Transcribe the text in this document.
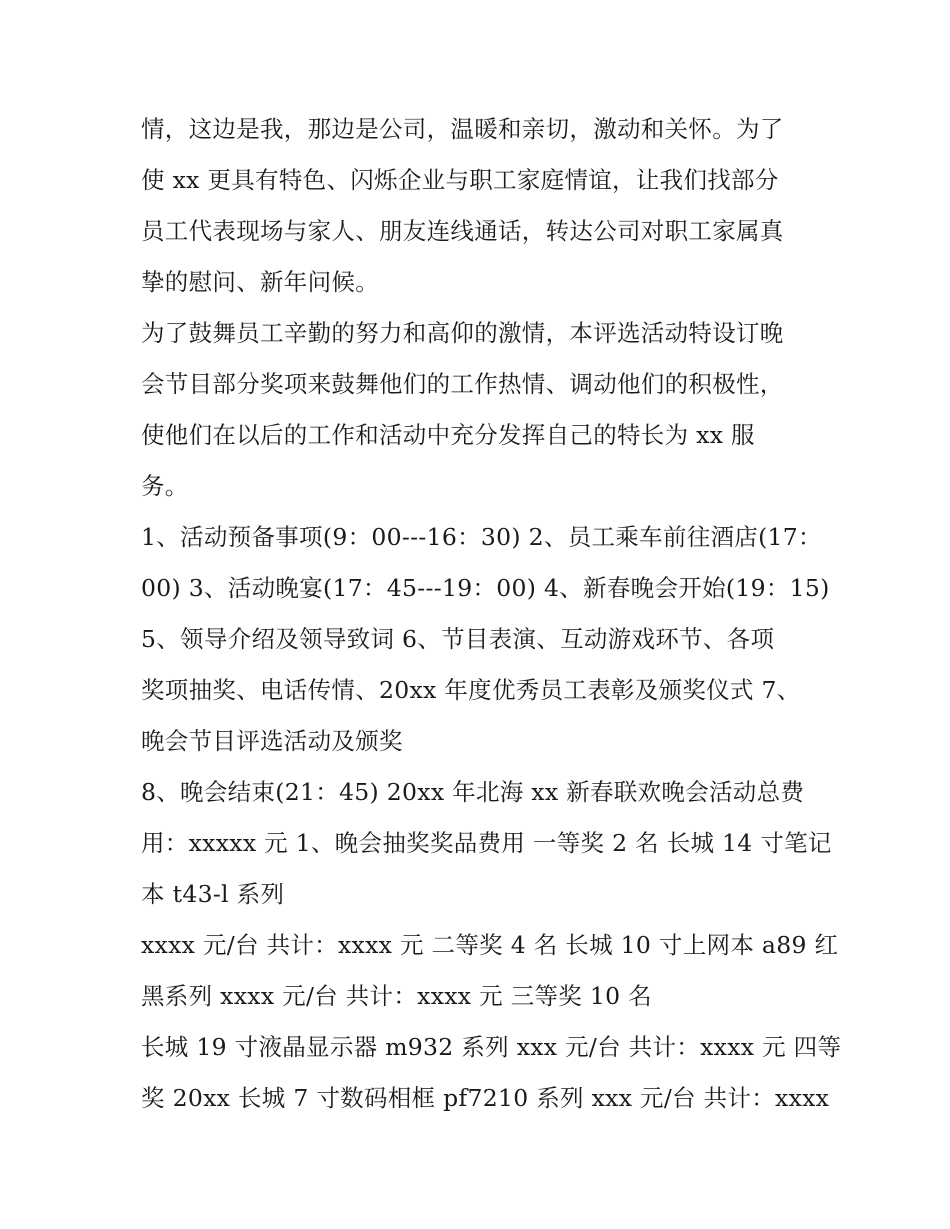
情，这边是我，那边是公司，温暖和亲切，激动和关怀。为了
使 xx 更具有特色、闪烁企业与职工家庭情谊，让我们找部分
员工代表现场与家人、朋友连线通话，转达公司对职工家属真
挚的慰问、新年问候。
为了鼓舞员工辛勤的努力和高仰的激情，本评选活动特设订晚
会节目部分奖项来鼓舞他们的工作热情、调动他们的积极性，
使他们在以后的工作和活动中充分发挥自己的特长为 xx 服
务。
1、活动预备事项(9：00---16：30) 2、员工乘车前往酒店(17：
00) 3、活动晚宴(17：45---19：00) 4、新春晚会开始(19：15)
5、领导介绍及领导致词 6、节目表演、互动游戏环节、各项
奖项抽奖、电话传情、20xx 年度优秀员工表彰及颁奖仪式 7、
晚会节目评选活动及颁奖
8、晚会结束(21：45) 20xx 年北海 xx 新春联欢晚会活动总费
用：xxxxx 元 1、晚会抽奖奖品费用 一等奖 2 名 长城 14 寸笔记
本 t43-l 系列
xxxx 元/台 共计：xxxx 元 二等奖 4 名 长城 10 寸上网本 a89 红
黑系列 xxxx 元/台 共计：xxxx 元 三等奖 10 名
长城 19 寸液晶显示器 m932 系列 xxx 元/台 共计：xxxx 元 四等
奖 20xx 长城 7 寸数码相框 pf7210 系列 xxx 元/台 共计：xxxx
